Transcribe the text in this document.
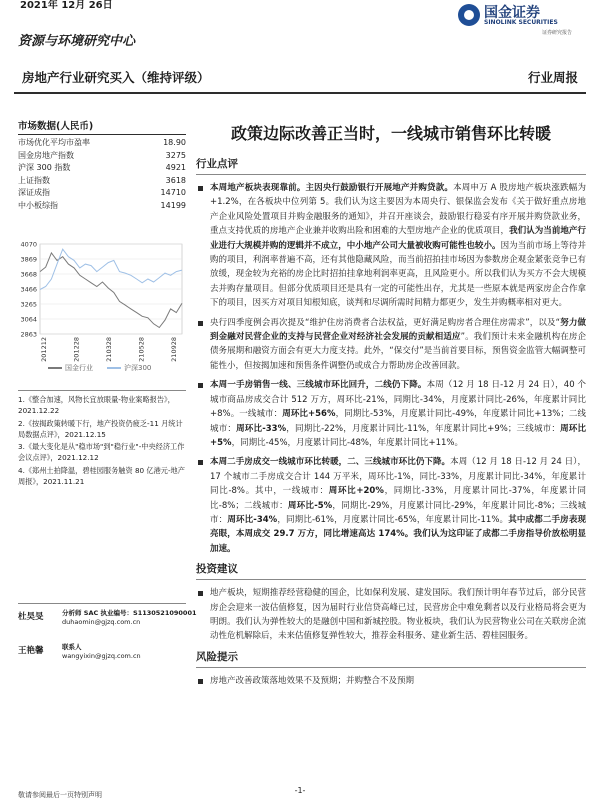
2021年 12月 26日	国金证券
SINOLINK SECURITIES
证券研究报告
资源与环境研究中心
房地产行业研究买入（维持评级）	行业周报
市场数据(人民币)
市场优化平均市盈率	18.90
国金房地产指数	3275
沪深 300 指数	4921
上证指数	3618
深证成指	14710
中小板综指	14199
4070
3869
3668
3466
3265
3064
2863
201212	201228	210328	210528	210928
国金行业	沪深300
1.《整合加速，风物长宜放眼量-物业案略报告》，2021.12.22
2.《按揭政策转暖下行，地产投资仍疲乏-11 月统计局数据点评》，2021.12.15
3.《最大变化是从"稳市场"到"稳行业"-中央经济工作会议点评》，2021.12.12
4.《郑州土拍降温，碧桂园服务触资 80 亿港元-地产周报》，2021.11.21
杜昊旻	分析师 SAC 执业编号：S1130521090001
duhaomin@gjzq.com.cn
王艳馨	联系人
wangyixin@gjzq.com.cn
政策边际改善正当时，一线城市销售环比转暖
行业点评
本周地产板块表现靠前。主因央行鼓励银行开展地产并购贷款。本周申万 A 股房地产板块涨跌幅为+1.2%，在各板块中位列第 5。我们认为这主要因为本周央行、银保监会发布《关于做好重点房地产企业风险处置项目并购金融服务的通知》，并召开座谈会，鼓励银行稳妥有序开展并购贷款业务，重点支持优质的房地产企业兼并收购出险和困难的大型房地产企业的优质项目，我们认为当前地产行业进行大规模并购的逻辑并不成立，中小地产公司大量被收购可能性也较小。因为当前市场上等待并购的项目，利润率普遍不高，还有其他隐藏风险，而当前招拍挂市场因为参数房企观金紧张竞争已有放缓，现金较为充裕的房企比时招拍挂拿地利润率更高，且风险更小。所以我们认为买方不会大规模去并购存量项目。但部分优质项目还是具有一定的可能性出存，尤其是一些原本就是两家房企合作拿下的项目，因买方对项目知根知底，谈判和尽调所需时间精力都更少，发生并购概率相对更大。
央行四季度例会再次提及“维护住房消费者合法权益，更好满足购房者合理住房需求”，以及“努力做到金融对民营企业的支持与民营企业对经济社会发展的贡献相适应”。我们预计未来金融机构在房企债务展期和融资方面会有更大力度支持。此外，“保交付”是当前首要目标，预售资金监管大幅调整可能性小，但按揭加速和预售条件调整仍或成合力帮助房企改善回款。
本周一手房销售一线、三线城市环比回升，二线仍下降。本周（12 月 18 日-12 月 24 日），40 个城市商品房成交合计 512 万方，周环比-21%，同期比-34%，月度累计同比-26%，年度累计同比+8%。一线城市：周环比+56%，同期比-53%，月度累计同比-49%，年度累计同比+13%；二线城市：周环比-33%，同期比-22%，月度累计同比-11%，年度累计同比+9%；三线城市：周环比+5%，同期比-45%，月度累计同比-48%，年度累计同比+11%。
本周二手房成交一线城市环比转暖，二、三线城市环比仍下降。本周（12 月 18 日-12 月 24 日），17 个城市二手房成交合计 144 万平米，周环比-1%，同比-33%，月度累计同比-34%，年度累计同比-8%。其中，一线城市：周环比+20%，同期比-33%，月度累计同比-37%，年度累计同比-8%；二线城市：周环比-5%，同期比-29%，月度累计同比-29%，年度累计同比-8%；三线城市：周环比-34%，同期比-61%，月度累计同比-65%，年度累计同比-11%。其中成都二手房表现亮眼，本周成交 29.7 万方，同比增速高达 174%。我们认为这印证了成都二手房指导价放松明显加速。
投资建议
地产板块，短期推荐经营稳健的国企，比如保利发展、建发国际。我们预计明年春节过后，部分民营房企会迎来一波估值修复，因为届时行业信贷高峰已过，民营房企中难免剩者以及行业格局将会更为明朗。我们认为弹性较大的是融创中国和新城控股。物业板块，我们认为民营物业公司在关联房企流动性危机解除后，未来估值修复弹性较大，推荐金科服务、建业新生活、碧桂园服务。
风险提示
房地产改善政策落地效果不及预期；并购整合不及预期
-1-
敬请参阅最后一页特别声明
